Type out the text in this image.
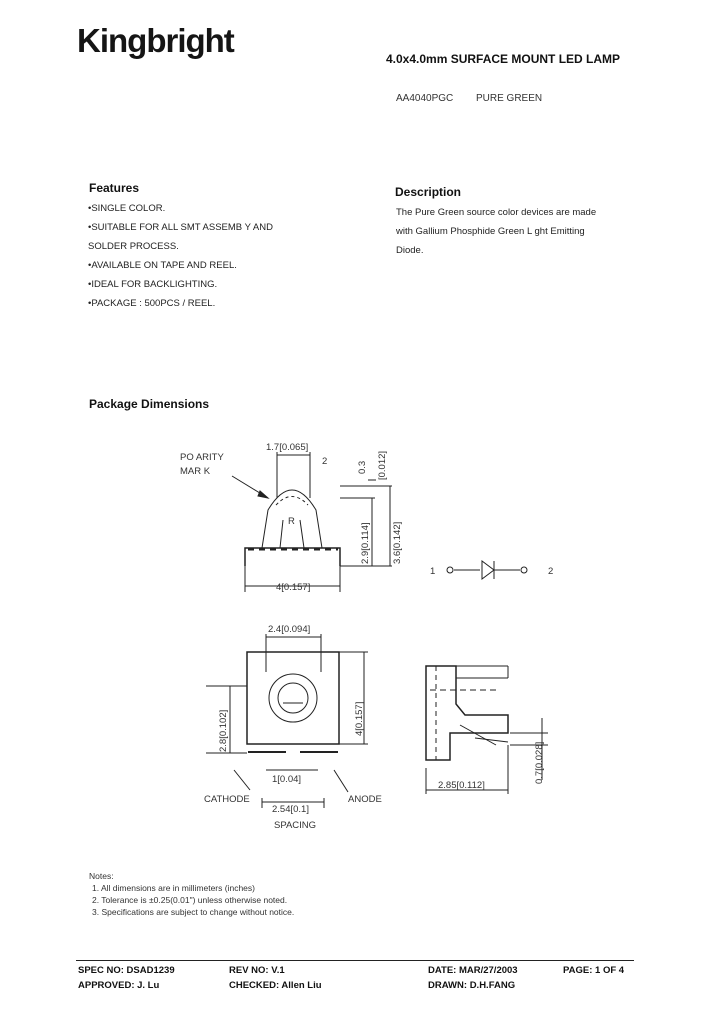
Kingbright	4.0x4.0mm SURFACE MOUNT LED LAMP
AA4040PGC PURE GREEN
Features
•SINGLE COLOR.
•SUITABLE FOR ALL SMT ASSEMB Y AND
SOLDER PROCESS.
•AVAILABLE ON TAPE AND REEL.
•IDEAL FOR BACKLIGHTING.
•PACKAGE : 500PCS / REEL.
Description
The Pure Green source color devices are made
with Gallium Phosphide Green L ght Emitting
Diode.
Package Dimensions
PO ARITY
MAR K
1.7[0.065]
2
R
4[0.157]
0.3 [0.012]
2.9[0.114] 3.6[0.142]
1	2
2.4[0.094]
2.8[0.102]	4[0.157]
1[0.04]
CATHODE	ANODE
2.54[0.1]
SPACING
2.85[0.112]
0.7[0.028]
Notes:
1. All dimensions are in millimeters (inches)
2. Tolerance is ±0.25(0.01") unless otherwise noted.
3. Specifications are subject to change without notice.
SPEC NO: DSAD1239	REV NO: V.1	DATE: MAR/27/2003	PAGE: 1 OF 4
APPROVED: J. Lu	CHECKED: Allen Liu	DRAWN: D.H.FANG
